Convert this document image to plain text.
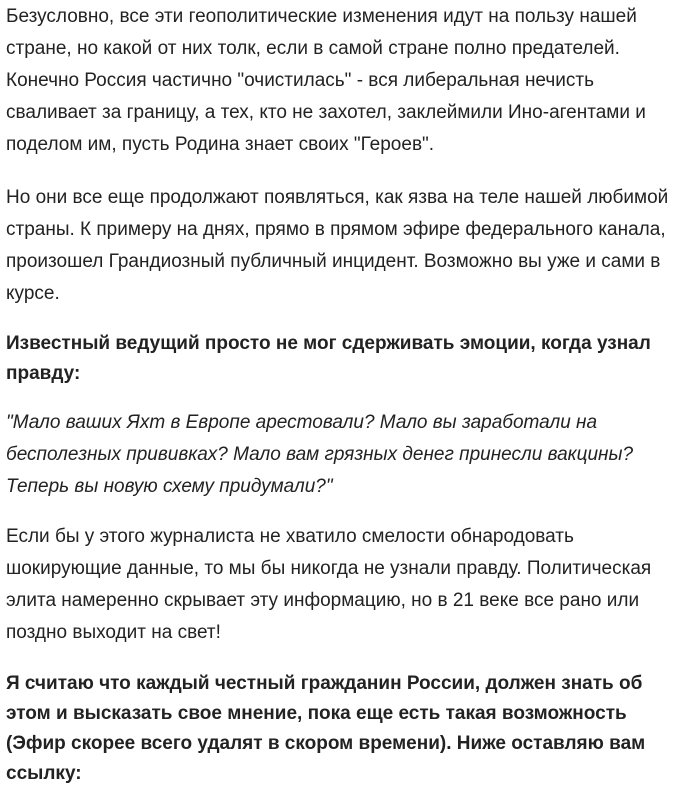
Безусловно, все эти геополитические изменения идут на пользу нашей
стране, но какой от них толк, если в самой стране полно предателей.
Конечно Россия частично "очистилась" - вся либеральная нечисть
сваливает за границу, а тех, кто не захотел, заклеймили Ино-агентами и
поделом им, пусть Родина знает своих "Героев".

Но они все еще продолжают появляться, как язва на теле нашей любимой
страны. К примеру на днях, прямо в прямом эфире федерального канала,
произошел Грандиозный публичный инцидент. Возможно вы уже и сами в
курсе.

Известный ведущий просто не мог сдерживать эмоции, когда узнал
правду:

"Мало ваших Яхт в Европе арестовали? Мало вы заработали на
бесполезных прививках? Мало вам грязных денег принесли вакцины?
Теперь вы новую схему придумали?"

Если бы у этого журналиста не хватило смелости обнародовать
шокирующие данные, то мы бы никогда не узнали правду. Политическая
элита намеренно скрывает эту информацию, но в 21 веке все рано или
поздно выходит на свет!

Я считаю что каждый честный гражданин России, должен знать об
этом и высказать свое мнение, пока еще есть такая возможность
(Эфир скорее всего удалят в скором времени). Ниже оставляю вам
ссылку:
